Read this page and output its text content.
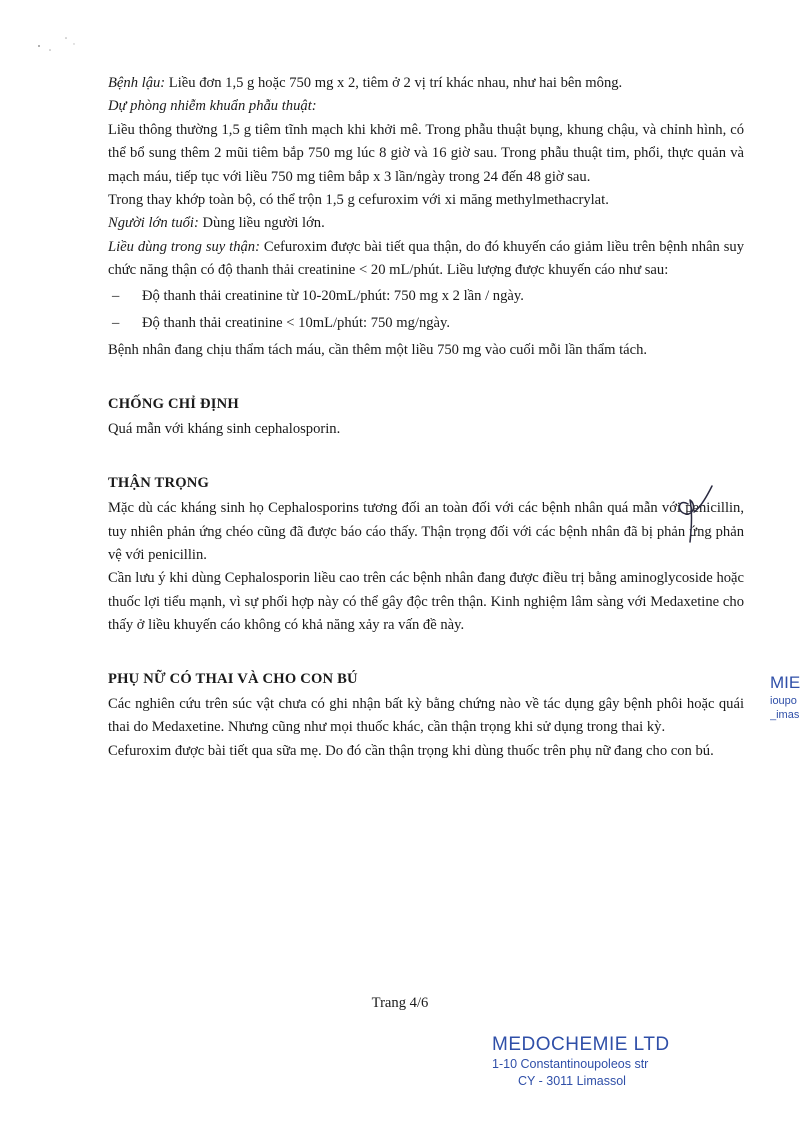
Bệnh lậu: Liều đơn 1,5 g hoặc 750 mg x 2, tiêm ở 2 vị trí khác nhau, như hai bên mông.

Dự phòng nhiễm khuẩn phẫu thuật:

Liều thông thường 1,5 g tiêm tĩnh mạch khi khởi mê. Trong phẫu thuật bụng, khung chậu, và chỉnh hình, có thể bổ sung thêm 2 mũi tiêm bắp 750 mg lúc 8 giờ và 16 giờ sau. Trong phẫu thuật tim, phổi, thực quản và mạch máu, tiếp tục với liều 750 mg tiêm bắp x 3 lần/ngày trong 24 đến 48 giờ sau.

Trong thay khớp toàn bộ, có thể trộn 1,5 g cefuroxim với xi măng methylmethacrylat.

Người lớn tuổi: Dùng liều người lớn.

Liều dùng trong suy thận: Cefuroxim được bài tiết qua thận, do đó khuyến cáo giảm liều trên bệnh nhân suy chức năng thận có độ thanh thải creatinine < 20 mL/phút. Liều lượng được khuyến cáo như sau:

–	Độ thanh thải creatinine từ 10-20mL/phút: 750 mg x 2 lần / ngày.
–	Độ thanh thải creatinine < 10mL/phút: 750 mg/ngày.

Bệnh nhân đang chịu thẩm tách máu, cần thêm một liều 750 mg vào cuối mỗi lần thẩm tách.

CHỐNG CHỈ ĐỊNH

Quá mẫn với kháng sinh cephalosporin.

THẬN TRỌNG

Mặc dù các kháng sinh họ Cephalosporins tương đối an toàn đối với các bệnh nhân quá mẫn với penicillin, tuy nhiên phản ứng chéo cũng đã được báo cáo thấy. Thận trọng đối với các bệnh nhân đã bị phản ứng phản vệ với penicillin.

Cần lưu ý khi dùng Cephalosporin liều cao trên các bệnh nhân đang được điều trị bằng aminoglycoside hoặc thuốc lợi tiểu mạnh, vì sự phối hợp này có thể gây độc trên thận. Kinh nghiệm lâm sàng với Medaxetine cho thấy ở liều khuyến cáo không có khả năng xảy ra vấn đề này.

PHỤ NỮ CÓ THAI VÀ CHO CON BÚ

Các nghiên cứu trên súc vật chưa có ghi nhận bất kỳ bằng chứng nào về tác dụng gây bệnh phôi hoặc quái thai do Medaxetine. Nhưng cũng như mọi thuốc khác, cần thận trọng khi sử dụng trong thai kỳ.

Cefuroxim được bài tiết qua sữa mẹ. Do đó cần thận trọng khi dùng thuốc trên phụ nữ đang cho con bú.

MIE
ioupo
_imas
Trang 4/6
MEDOCHEMIE LTD
1-10 Constantinoupoleos str
CY - 3011 Limassol
